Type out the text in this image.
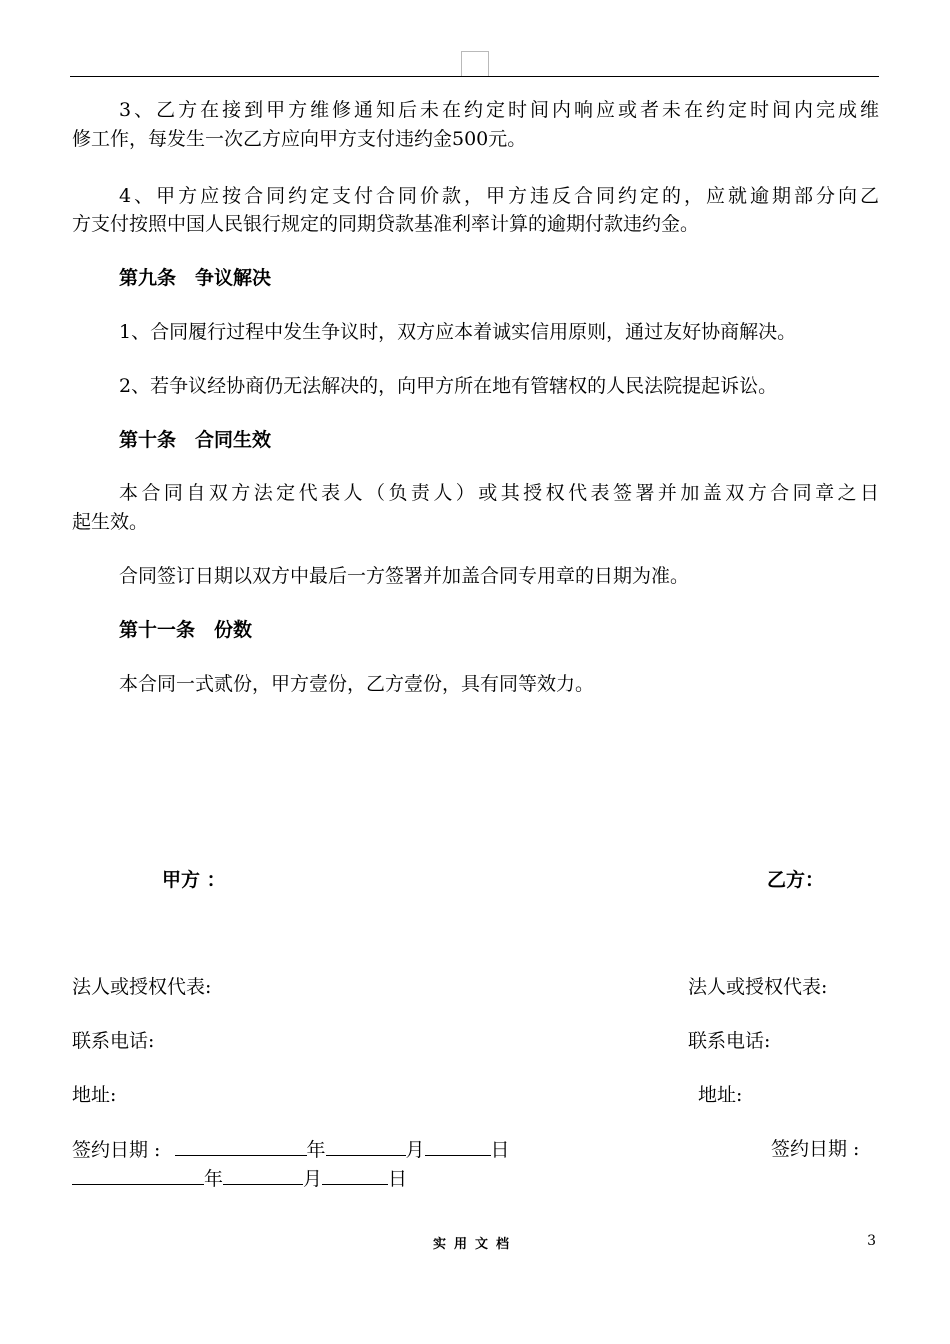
3、乙方在接到甲方维修通知后未在约定时间内响应或者未在约定时间内完成维
修工作，每发生一次乙方应向甲方支付违约金500元。
4、甲方应按合同约定支付合同价款，甲方违反合同约定的，应就逾期部分向乙
方支付按照中国人民银行规定的同期贷款基准利率计算的逾期付款违约金。
第九条　争议解决
1、合同履行过程中发生争议时，双方应本着诚实信用原则，通过友好协商解决。
2、若争议经协商仍无法解决的，向甲方所在地有管辖权的人民法院提起诉讼。
第十条　合同生效
本合同自双方法定代表人（负责人）或其授权代表签署并加盖双方合同章之日
起生效。
合同签订日期以双方中最后一方签署并加盖合同专用章的日期为准。
第十一条　份数
本合同一式贰份，甲方壹份，乙方壹份，具有同等效力。
甲方 ：	乙方：
法人或授权代表:	法人或授权代表:
联系电话:	联系电话:
地址:	地址:
签约日期 :	年	月	日	签约日期 :
年	月	日
实用文档	3
